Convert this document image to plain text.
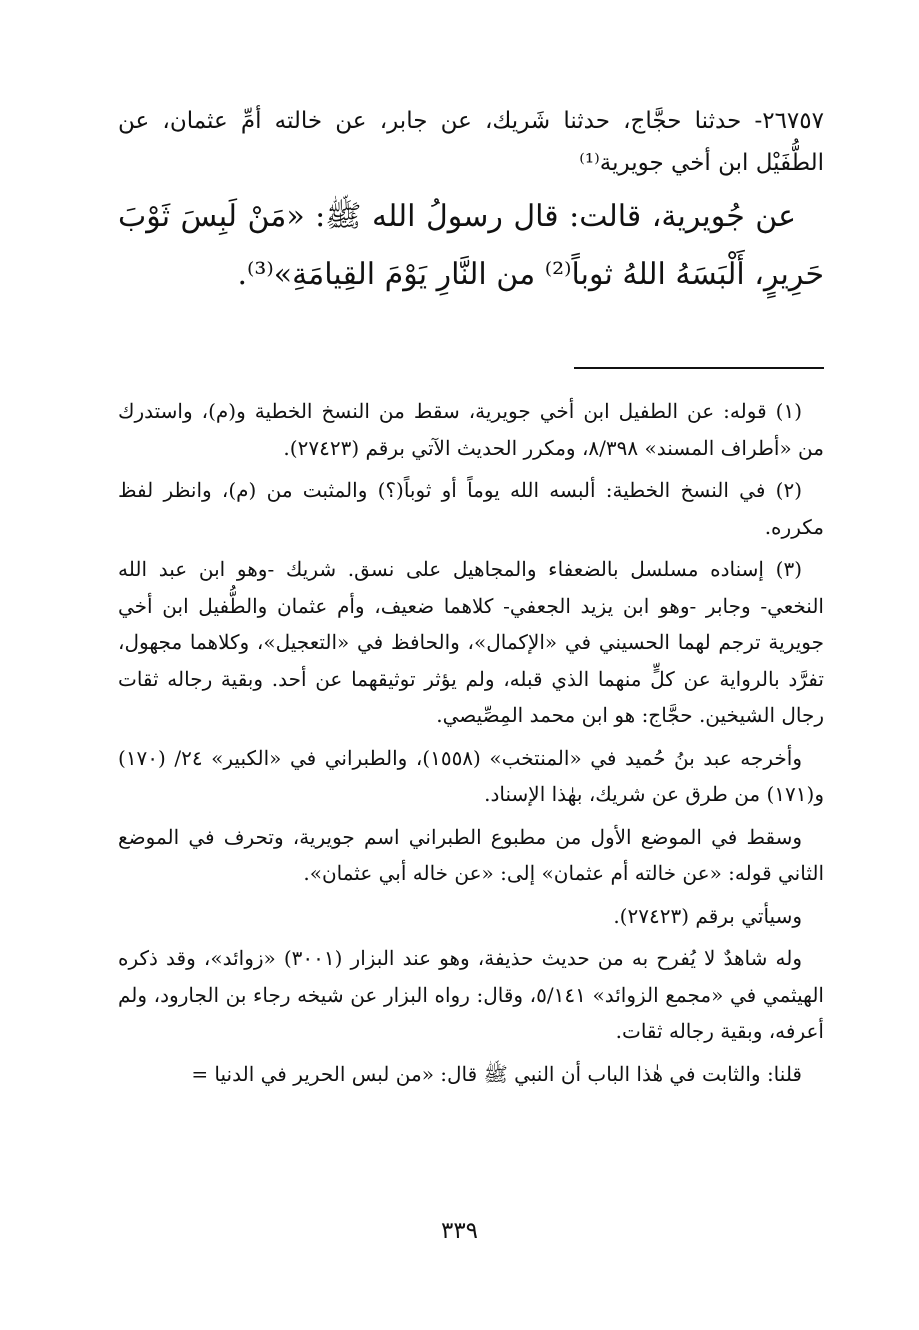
٢٦٧٥٧- حدثنا حجَّاج، حدثنا شَريك، عن جابر، عن خالته أمِّ عثمان، عن الطُّفَيْل ابن أخي جويرية⁽¹⁾

عن جُويرية، قالت: قال رسولُ الله ﷺ: «مَنْ لَبِسَ ثَوْبَ حَرِيرٍ، أَلْبَسَهُ اللهُ ثوباً⁽²⁾ من النَّارِ يَوْمَ القِيامَةِ»⁽³⁾.

(١) قوله: عن الطفيل ابن أخي جويرية، سقط من النسخ الخطية و(م)، واستدرك من «أطراف المسند» ٨/٣٩٨، ومكرر الحديث الآتي برقم (٢٧٤٢٣).

(٢) في النسخ الخطية: ألبسه الله يوماً أو ثوباً(؟) والمثبت من (م)، وانظر لفظ مكرره.

(٣) إسناده مسلسل بالضعفاء والمجاهيل على نسق. شريك -وهو ابن عبد الله النخعي- وجابر -وهو ابن يزيد الجعفي- كلاهما ضعيف، وأم عثمان والطُّفيل ابن أخي جويرية ترجم لهما الحسيني في «الإكمال»، والحافظ في «التعجيل»، وكلاهما مجهول، تفرَّد بالرواية عن كلٍّ منهما الذي قبله، ولم يؤثر توثيقهما عن أحد. وبقية رجاله ثقات رجال الشيخين. حجَّاج: هو ابن محمد المِصِّيصي.

وأخرجه عبد بنُ حُميد في «المنتخب» (١٥٥٨)، والطبراني في «الكبير» ٢٤/ (١٧٠) و(١٧١) من طرق عن شريك، بهٰذا الإسناد.

وسقط في الموضع الأول من مطبوع الطبراني اسم جويرية، وتحرف في الموضع الثاني قوله: «عن خالته أم عثمان» إلى: «عن خاله أبي عثمان».

وسيأتي برقم (٢٧٤٢٣).

وله شاهدٌ لا يُفرح به من حديث حذيفة، وهو عند البزار (٣٠٠١) «زوائد»، وقد ذكره الهيثمي في «مجمع الزوائد» ٥/١٤١، وقال: رواه البزار عن شيخه رجاء بن الجارود، ولم أعرفه، وبقية رجاله ثقات.

قلنا: والثابت في هٰذا الباب أن النبي ﷺ قال: «من لبس الحرير في الدنيا =

٣٣٩
